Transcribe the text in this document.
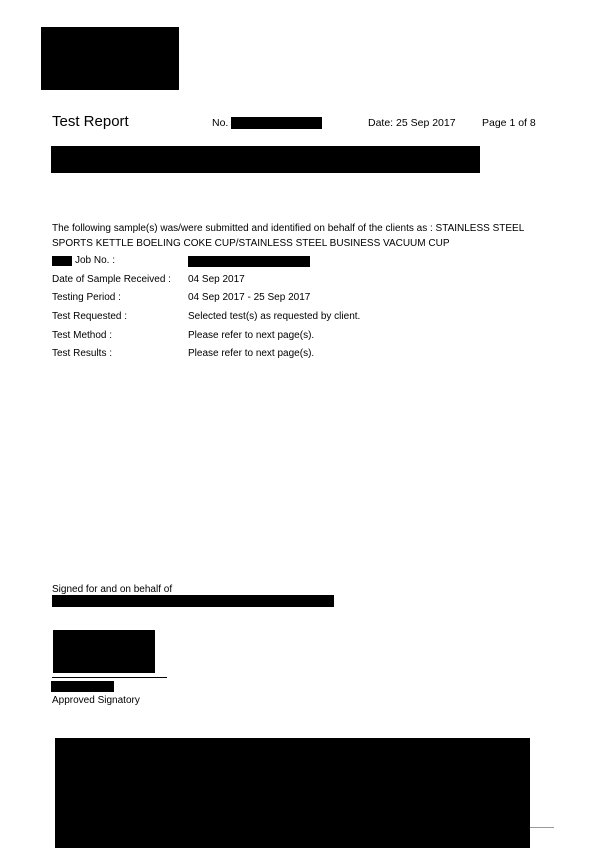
Test Report	No.	Date: 25 Sep 2017	Page 1 of 8
The following sample(s) was/were submitted and identified on behalf of the clients as : STAINLESS STEEL
SPORTS KETTLE BOELING COKE CUP/STAINLESS STEEL BUSINESS VACUUM CUP
Job No. :
Date of Sample Received : 04 Sep 2017
Testing Period :	04 Sep 2017 - 25 Sep 2017
Test Requested :	Selected test(s) as requested by client.
Test Method :	Please refer to next page(s).
Test Results :	Please refer to next page(s).
Signed for and on behalf of
Approved Signatory
